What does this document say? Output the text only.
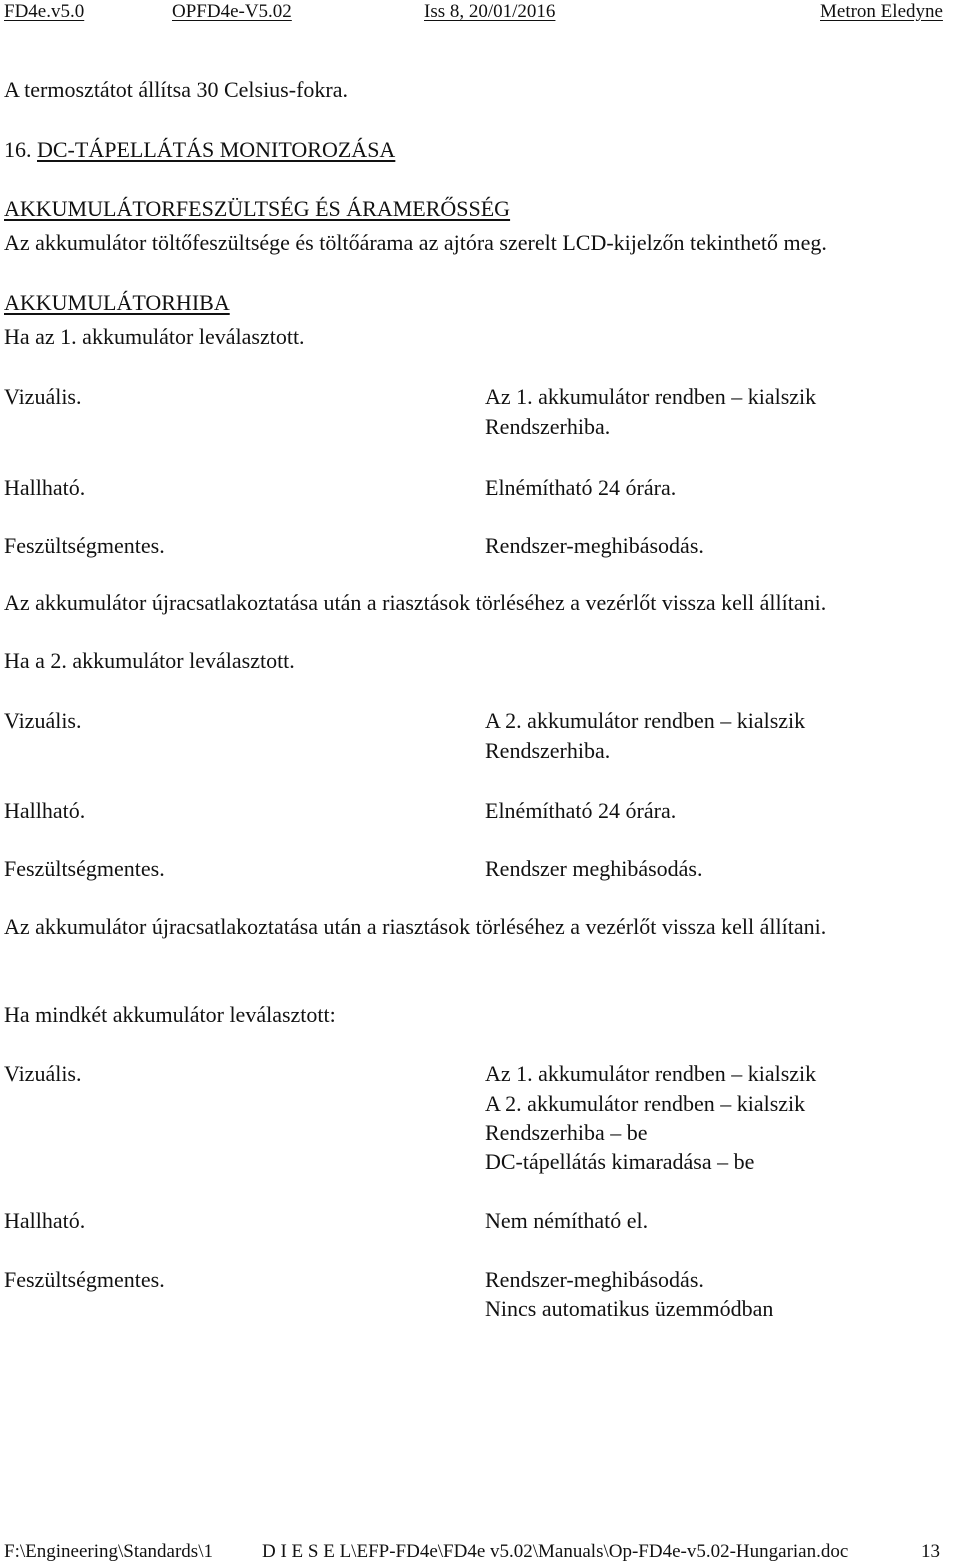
FD4e.v5.0	OPFD4e-V5.02	Iss 8, 20/01/2016	Metron Eledyne
A termosztátot állítsa 30 Celsius-fokra.
16. DC-TÁPELLÁTÁS MONITOROZÁSA
AKKUMULÁTORFESZÜLTSÉG ÉS ÁRAMERŐSSÉG
Az akkumulátor töltőfeszültsége és töltőárama az ajtóra szerelt LCD-kijelzőn tekinthető meg.
AKKUMULÁTORHIBA
Ha az 1. akkumulátor leválasztott.
Vizuális.	Az 1. akkumulátor rendben – kialszik
Rendszerhiba.
Hallható.	Elnémítható 24 órára.
Feszültségmentes.	Rendszer-meghibásodás.
Az akkumulátor újracsatlakoztatása után a riasztások törléséhez a vezérlőt vissza kell állítani.
Ha a 2. akkumulátor leválasztott.
Vizuális.	A 2. akkumulátor rendben – kialszik
Rendszerhiba.
Hallható.	Elnémítható 24 órára.
Feszültségmentes.	Rendszer meghibásodás.
Az akkumulátor újracsatlakoztatása után a riasztások törléséhez a vezérlőt vissza kell állítani.
Ha mindkét akkumulátor leválasztott:
Vizuális.	Az 1. akkumulátor rendben – kialszik
A 2. akkumulátor rendben – kialszik
Rendszerhiba – be
DC-tápellátás kimaradása – be
Hallható.	Nem némítható el.
Feszültségmentes.	Rendszer-meghibásodás.
Nincs automatikus üzemmódban
F:\Engineering\Standards\1	D I E S E L\EFP-FD4e\FD4e v5.02\Manuals\Op-FD4e-v5.02-Hungarian.doc	13
